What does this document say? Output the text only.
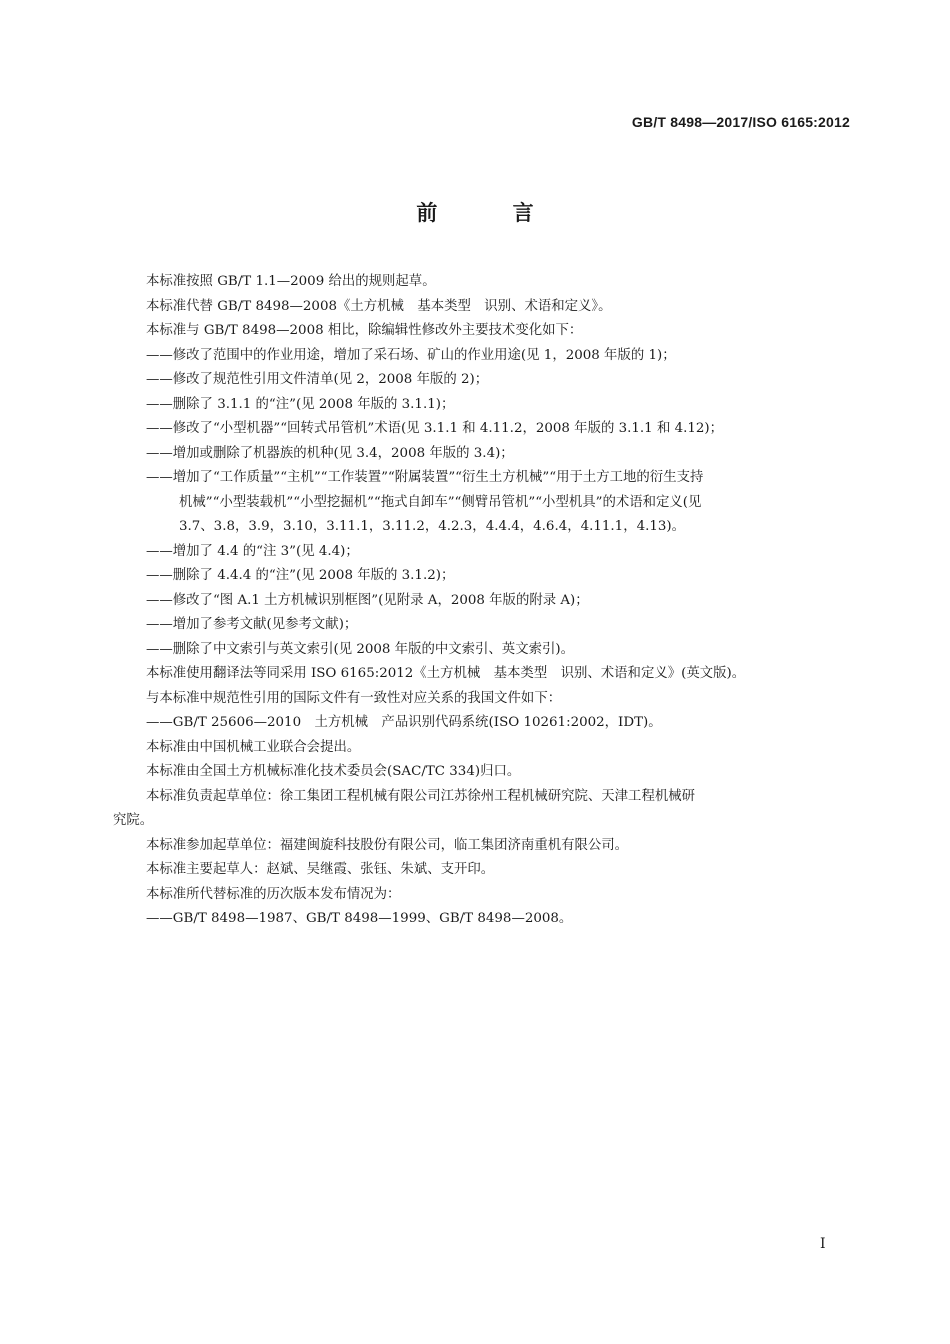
GB/T 8498—2017/ISO 6165:2012
前 言

本标准按照 GB/T 1.1—2009 给出的规则起草。

本标准代替 GB/T 8498—2008《土方机械　基本类型　识别、术语和定义》。

本标准与 GB/T 8498—2008 相比，除编辑性修改外主要技术变化如下：

——修改了范围中的作业用途，增加了采石场、矿山的作业用途(见 1，2008 年版的 1)；

——修改了规范性引用文件清单(见 2，2008 年版的 2)；

——删除了 3.1.1 的“注”(见 2008 年版的 3.1.1)；

——修改了“小型机器”“回转式吊管机”术语(见 3.1.1 和 4.11.2，2008 年版的 3.1.1 和 4.12)；

——增加或删除了机器族的机种(见 3.4，2008 年版的 3.4)；

——增加了“工作质量”“主机”“工作装置”“附属装置”“衍生土方机械”“用于土方工地的衍生支持

机械”“小型装载机”“小型挖掘机”“拖式自卸车”“侧臂吊管机”“小型机具”的术语和定义(见

3.7、3.8，3.9，3.10，3.11.1，3.11.2，4.2.3，4.4.4，4.6.4，4.11.1，4.13)。

——增加了 4.4 的“注 3”(见 4.4)；

——删除了 4.4.4 的“注”(见 2008 年版的 3.1.2)；

——修改了“图 A.1 土方机械识别框图”(见附录 A，2008 年版的附录 A)；

——增加了参考文献(见参考文献)；

——删除了中文索引与英文索引(见 2008 年版的中文索引、英文索引)。

本标准使用翻译法等同采用 ISO 6165:2012《土方机械　基本类型　识别、术语和定义》(英文版)。

与本标准中规范性引用的国际文件有一致性对应关系的我国文件如下：

——GB/T 25606—2010　土方机械　产品识别代码系统(ISO 10261:2002，IDT)。

本标准由中国机械工业联合会提出。

本标准由全国土方机械标准化技术委员会(SAC/TC 334)归口。

本标准负责起草单位：徐工集团工程机械有限公司江苏徐州工程机械研究院、天津工程机械研

究院。

本标准参加起草单位：福建闽旋科技股份有限公司，临工集团济南重机有限公司。

本标准主要起草人：赵斌、吴继霞、张钰、朱斌、支开印。

本标准所代替标准的历次版本发布情况为：

——GB/T 8498—1987、GB/T 8498—1999、GB/T 8498—2008。

I
